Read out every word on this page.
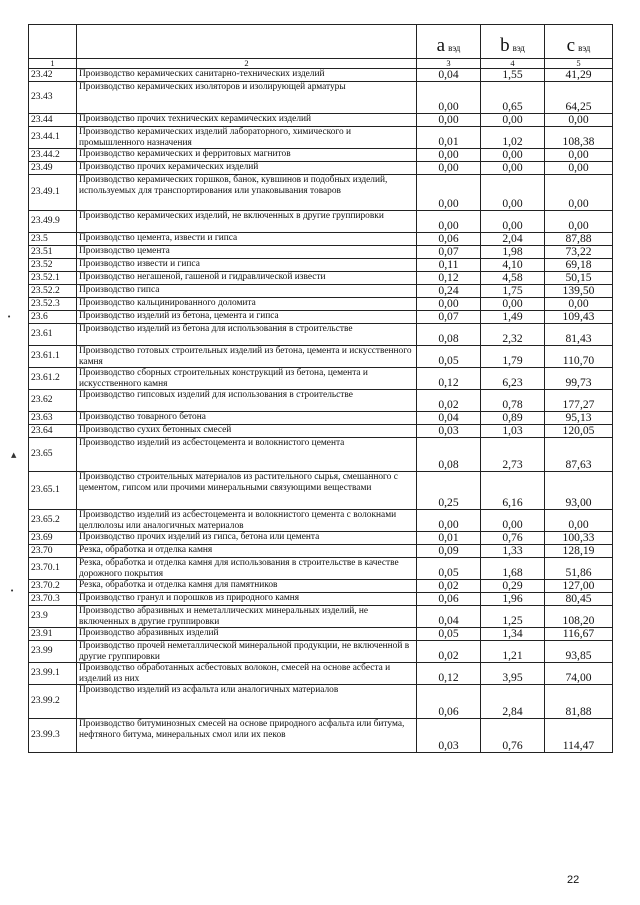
		a вэд	b вэд	c вэд
1	2	3	4	5
23.42	Производство керамических санитарно-технических изделий	0,04	1,55	41,29
23.43	Производство керамических изоляторов и изолирующей арматуры	0,00	0,65	64,25
23.44	Производство прочих технических керамических изделий	0,00	0,00	0,00
23.44.1	Производство керамических изделий лабораторного, химического и промышленного назначения	0,01	1,02	108,38
23.44.2	Производство керамических и ферритовых магнитов	0,00	0,00	0,00
23.49	Производство прочих керамических изделий	0,00	0,00	0,00
23.49.1	Производство керамических горшков, банок, кувшинов и подобных изделий, используемых для транспортирования или упаковывания товаров	0,00	0,00	0,00
23.49.9	Производство керамических изделий, не включенных в другие группировки	0,00	0,00	0,00
23.5	Производство цемента, извести и гипса	0,06	2,04	87,88
23.51	Производство цемента	0,07	1,98	73,22
23.52	Производство извести и гипса	0,11	4,10	69,18
23.52.1	Производство негашеной, гашеной и гидравлической извести	0,12	4,58	50,15
23.52.2	Производство гипса	0,24	1,75	139,50
23.52.3	Производство кальцинированного доломита	0,00	0,00	0,00
23.6	Производство изделий из бетона, цемента и гипса	0,07	1,49	109,43
23.61	Производство изделий из бетона для использования в строительстве	0,08	2,32	81,43
23.61.1	Производство готовых строительных изделий из бетона, цемента и искусственного камня	0,05	1,79	110,70
23.61.2	Производство сборных строительных конструкций из бетона, цемента и искусственного камня	0,12	6,23	99,73
23.62	Производство гипсовых изделий для использования в строительстве	0,02	0,78	177,27
23.63	Производство товарного бетона	0,04	0,89	95,13
23.64	Производство сухих бетонных смесей	0,03	1,03	120,05
23.65	Производство изделий из асбестоцемента и волокнистого цемента	0,08	2,73	87,63
23.65.1	Производство строительных материалов из растительного сырья, смешанного с цементом, гипсом или прочими минеральными связующими веществами	0,25	6,16	93,00
23.65.2	Производство изделий из асбестоцемента и волокнистого цемента с волокнами целлюлозы или аналогичных материалов	0,00	0,00	0,00
23.69	Производство прочих изделий из гипса, бетона или цемента	0,01	0,76	100,33
23.70	Резка, обработка и отделка камня	0,09	1,33	128,19
23.70.1	Резка, обработка и отделка камня для использования в строительстве в качестве дорожного покрытия	0,05	1,68	51,86
23.70.2	Резка, обработка и отделка камня для памятников	0,02	0,29	127,00
23.70.3	Производство гранул и порошков из природного камня	0,06	1,96	80,45
23.9	Производство абразивных и неметаллических минеральных изделий, не включенных в другие группировки	0,04	1,25	108,20
23.91	Производство абразивных изделий	0,05	1,34	116,67
23.99	Производство прочей неметаллической минеральной продукции, не включенной в другие группировки	0,02	1,21	93,85
23.99.1	Производство обработанных асбестовых волокон, смесей на основе асбеста и изделий из них	0,12	3,95	74,00
23.99.2	Производство изделий из асфальта или аналогичных материалов	0,06	2,84	81,88
23.99.3	Производство битуминозных смесей на основе природного асфальта или битума, нефтяного битума, минеральных смол или их пеков	0,03	0,76	114,47
22
•
▲
•
